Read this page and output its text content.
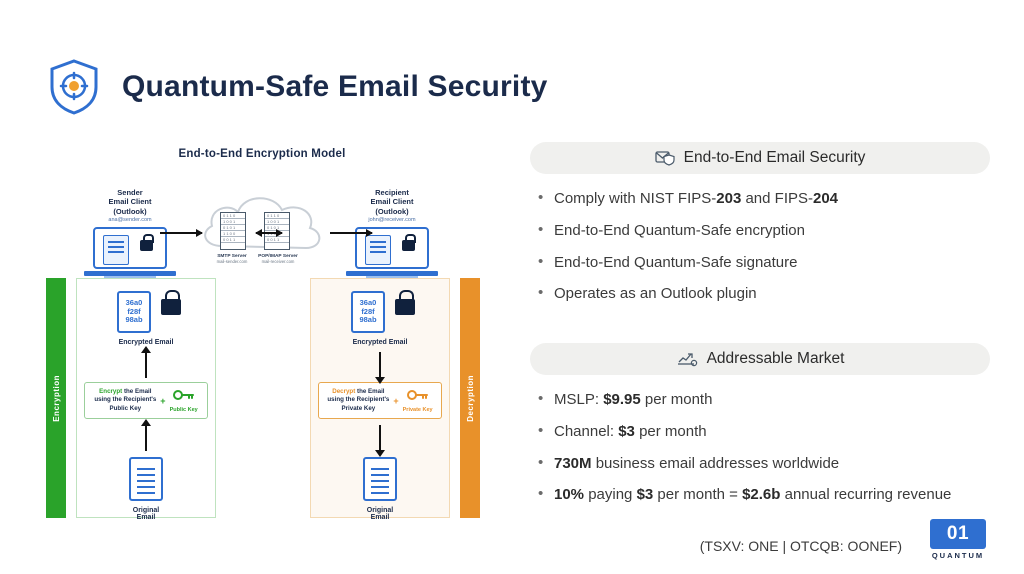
Quantum-Safe Email Security
End-to-End Encryption Model
Sender
Email Client
(Outlook)
ana@sender.com
Recipient
Email Client
(Outlook)
john@receiver.com
0 1 1 0
1 0 0 1
0 1 0 1
1 1 0 0
0 0 1 1
0 1 1 0
1 0 0 1
0 1 0 1
0 0 1 1
SMTP Server
mail-sender.com
POP/IMAP Server
mail-receiver.com
Encryption	Decryption
36a0
f28f
98ab
Encrypted Email
Encrypt the Email
using the Recipient's
Public Key
+
Public Key
Original
Email
36a0
f28f
98ab
Encrypted Email
Decrypt the Email
using the Recipient's
Private Key
+
Private Key
Original
Email
End-to-End Email Security
• Comply with NIST FIPS-203 and FIPS-204
• End-to-End Quantum-Safe encryption
• End-to-End Quantum-Safe signature
• Operates as an Outlook plugin
Addressable Market
• MSLP: $9.95 per month
• Channel: $3 per month
• 730M business email addresses worldwide
• 10% paying $3 per month = $2.6b annual recurring revenue
(TSXV: ONE | OTCQB: OONEF)
01
QUANTUM
